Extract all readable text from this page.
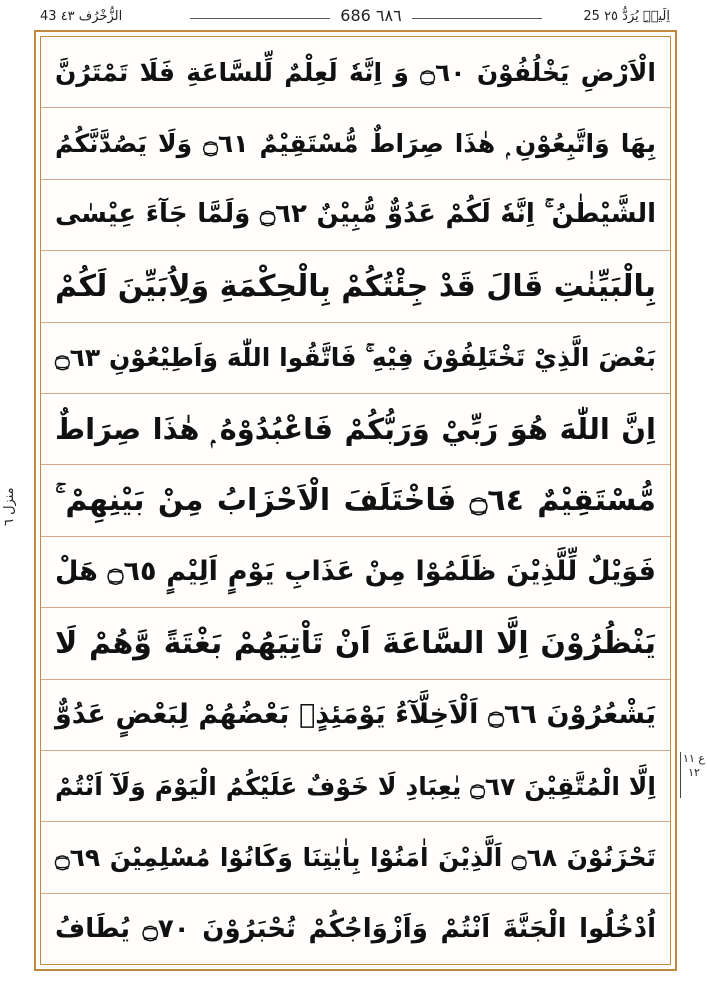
25 اِلَیۡہِ یُرَدُّ ٢٥
686 ٦٨٦
43 الزُّخْرُف ٤٣
الْاَرْضِ يَخْلُفُوْنَ ۝٦٠ وَ اِنَّهٗ لَعِلْمٌ لِّلسَّاعَةِ فَلَا تَمْتَرُنَّ
بِهَا وَاتَّبِعُوْنِ ۭ هٰذَا صِرَاطٌ مُّسْتَقِيْمٌ ۝٦١ وَلَا يَصُدَّنَّكُمُ
الشَّيْطٰنُ ۚ اِنَّهٗ لَكُمْ عَدُوٌّ مُّبِيْنٌ ۝٦٢ وَلَمَّا جَآءَ عِيْسٰى
بِالْبَيِّنٰتِ قَالَ قَدْ جِئْتُكُمْ بِالْحِكْمَةِ وَلِاُبَيِّنَ لَكُمْ
بَعْضَ الَّذِيْ تَخْتَلِفُوْنَ فِيْهِ ۚ فَاتَّقُوا اللّٰهَ وَاَطِيْعُوْنِ ۝٦٣
اِنَّ اللّٰهَ هُوَ رَبِّيْ وَرَبُّكُمْ فَاعْبُدُوْهُ ۭ هٰذَا صِرَاطٌ
مُّسْتَقِيْمٌ ۝٦٤ فَاخْتَلَفَ الْاَحْزَابُ مِنْ بَيْنِهِمْ ۚ
فَوَيْلٌ لِّلَّذِيْنَ ظَلَمُوْا مِنْ عَذَابِ يَوْمٍ اَلِيْمٍ ۝٦٥ هَلْ
يَنْظُرُوْنَ اِلَّا السَّاعَةَ اَنْ تَاْتِيَهُمْ بَغْتَةً وَّهُمْ لَا
يَشْعُرُوْنَ ۝٦٦ اَلْاَخِلَّآءُ يَوْمَئِذٍۢ بَعْضُهُمْ لِبَعْضٍ عَدُوٌّ
اِلَّا الْمُتَّقِيْنَ ۝٦٧ يٰعِبَادِ لَا خَوْفٌ عَلَيْكُمُ الْيَوْمَ وَلَآ اَنْتُمْ
تَحْزَنُوْنَ ۝٦٨ اَلَّذِيْنَ اٰمَنُوْا بِاٰيٰتِنَا وَكَانُوْا مُسْلِمِيْنَ ۝٦٩
اُدْخُلُوا الْجَنَّةَ اَنْتُمْ وَاَزْوَاجُكُمْ تُحْبَرُوْنَ ۝٧٠ يُطَافُ
منزل ٦
ع ١١ ١٢
